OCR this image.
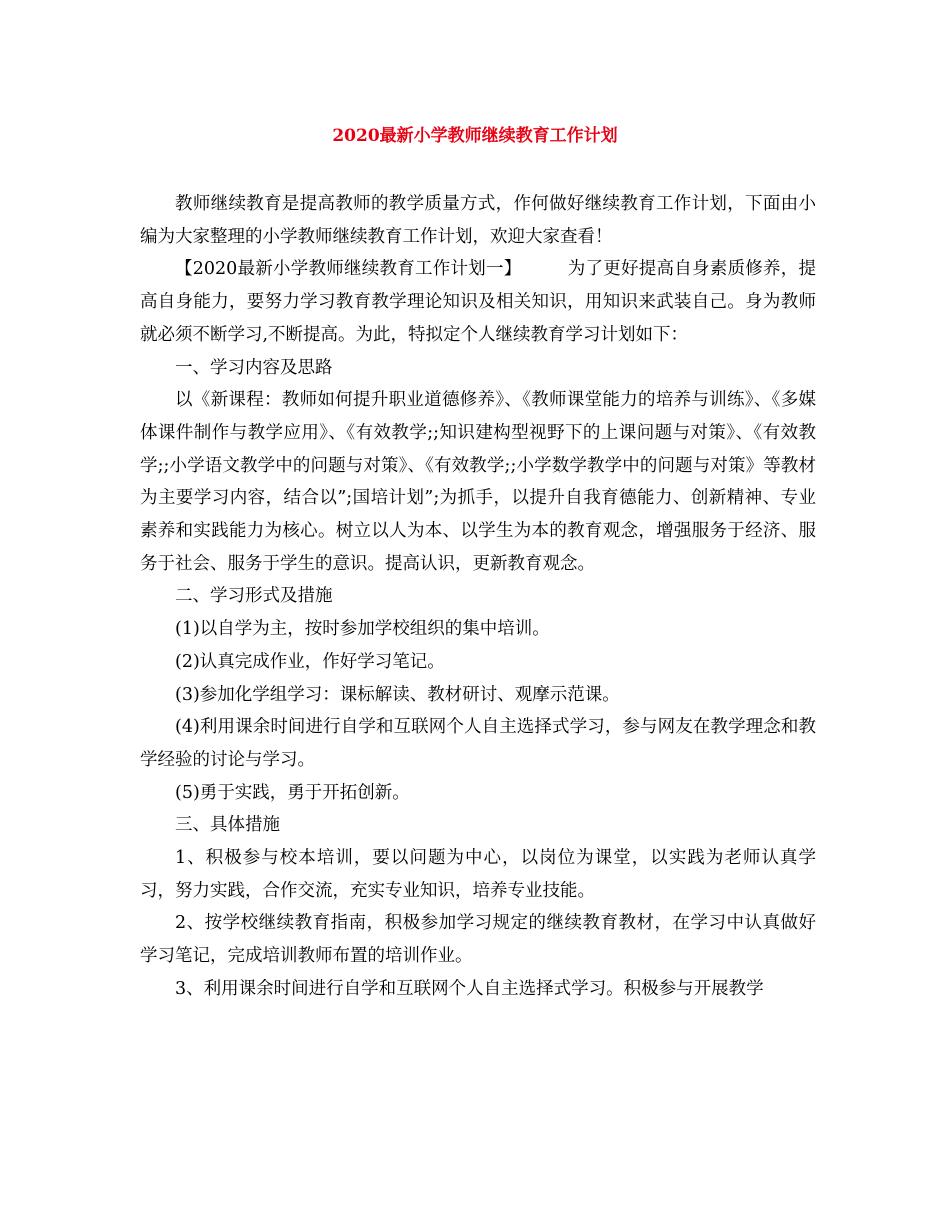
2020最新小学教师继续教育工作计划

教师继续教育是提高教师的教学质量方式，作何做好继续教育工作计划，下面由小编为大家整理的小学教师继续教育工作计划，欢迎大家查看！

【2020最新小学教师继续教育工作计划一】	为了更好提高自身素质修养，提高自身能力，要努力学习教育教学理论知识及相关知识，用知识来武装自己。身为教师就必须不断学习,不断提高。为此，特拟定个人继续教育学习计划如下：

一、学习内容及思路

以《新课程：教师如何提升职业道德修养》、《教师课堂能力的培养与训练》、《多媒体课件制作与教学应用》、《有效教学;;知识建构型视野下的上课问题与对策》、《有效教学;;小学语文教学中的问题与对策》、《有效教学;;小学数学教学中的问题与对策》等教材为主要学习内容，结合以”;国培计划”;为抓手，以提升自我育德能力、创新精神、专业素养和实践能力为核心。树立以人为本、以学生为本的教育观念，增强服务于经济、服务于社会、服务于学生的意识。提高认识，更新教育观念。

二、学习形式及措施

(1)以自学为主，按时参加学校组织的集中培训。

(2)认真完成作业，作好学习笔记。

(3)参加化学组学习：课标解读、教材研讨、观摩示范课。

(4)利用课余时间进行自学和互联网个人自主选择式学习，参与网友在教学理念和教学经验的讨论与学习。

(5)勇于实践，勇于开拓创新。

三、具体措施

1、积极参与校本培训，要以问题为中心，以岗位为课堂，以实践为老师认真学习，努力实践，合作交流，充实专业知识，培养专业技能。

2、按学校继续教育指南，积极参加学习规定的继续教育教材，在学习中认真做好学习笔记，完成培训教师布置的培训作业。

3、利用课余时间进行自学和互联网个人自主选择式学习。积极参与开展教学
